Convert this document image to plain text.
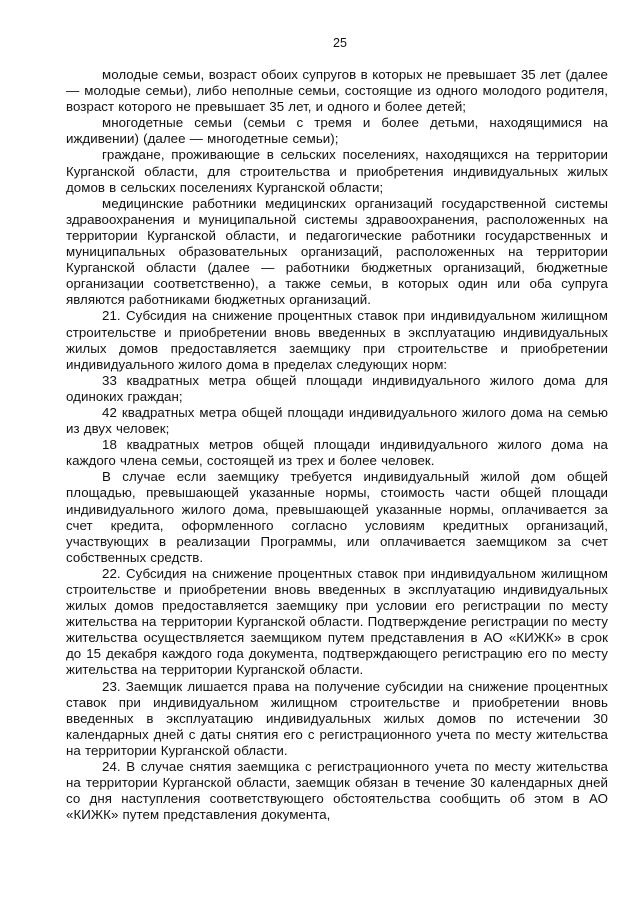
25

молодые семьи, возраст обоих супругов в которых не превышает 35 лет (далее — молодые семьи), либо неполные семьи, состоящие из одного молодого родителя, возраст которого не превышает 35 лет, и одного и более детей;

многодетные семьи (семьи с тремя и более детьми, находящимися на иждивении) (далее — многодетные семьи);

граждане, проживающие в сельских поселениях, находящихся на территории Курганской области, для строительства и приобретения индивидуальных жилых домов в сельских поселениях Курганской области;

медицинские работники медицинских организаций государственной системы здравоохранения и муниципальной системы здравоохранения, расположенных на территории Курганской области, и педагогические работники государственных и муниципальных образовательных организаций, расположенных на территории Курганской области (далее — работники бюджетных организаций, бюджетные организации соответственно), а также семьи, в которых один или оба супруга являются работниками бюджетных организаций.

21. Субсидия на снижение процентных ставок при индивидуальном жилищном строительстве и приобретении вновь введенных в эксплуатацию индивидуальных жилых домов предоставляется заемщику при строительстве и приобретении индивидуального жилого дома в пределах следующих норм:

33 квадратных метра общей площади индивидуального жилого дома для одиноких граждан;

42 квадратных метра общей площади индивидуального жилого дома на семью из двух человек;

18 квадратных метров общей площади индивидуального жилого дома на каждого члена семьи, состоящей из трех и более человек.

В случае если заемщику требуется индивидуальный жилой дом общей площадью, превышающей указанные нормы, стоимость части общей площади индивидуального жилого дома, превышающей указанные нормы, оплачивается за счет кредита, оформленного согласно условиям кредитных организаций, участвующих в реализации Программы, или оплачивается заемщиком за счет собственных средств.

22. Субсидия на снижение процентных ставок при индивидуальном жилищном строительстве и приобретении вновь введенных в эксплуатацию индивидуальных жилых домов предоставляется заемщику при условии его регистрации по месту жительства на территории Курганской области. Подтверждение регистрации по месту жительства осуществляется заемщиком путем представления в АО «КИЖК» в срок до 15 декабря каждого года документа, подтверждающего регистрацию его по месту жительства на территории Курганской области.

23. Заемщик лишается права на получение субсидии на снижение процентных ставок при индивидуальном жилищном строительстве и приобретении вновь введенных в эксплуатацию индивидуальных жилых домов по истечении 30 календарных дней с даты снятия его с регистрационного учета по месту жительства на территории Курганской области.

24. В случае снятия заемщика с регистрационного учета по месту жительства на территории Курганской области, заемщик обязан в течение 30 календарных дней со дня наступления соответствующего обстоятельства сообщить об этом в АО «КИЖК» путем представления документа,
